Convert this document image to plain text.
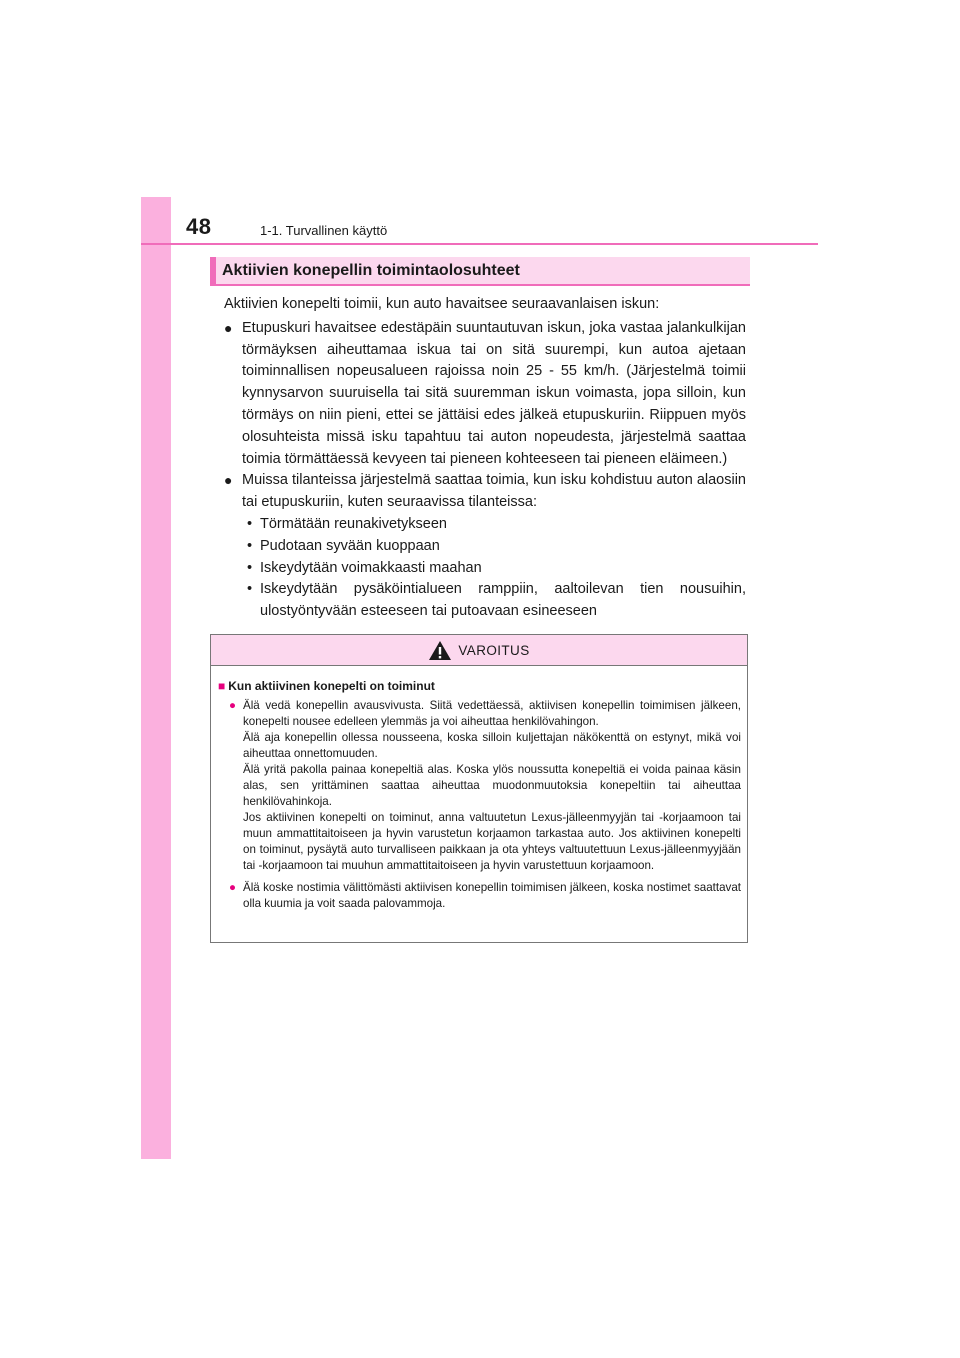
48	1-1. Turvallinen käyttö
Aktiivien konepellin toimintaolosuhteet

Aktiivien konepelti toimii, kun auto havaitsee seuraavanlaisen iskun:

● Etupuskuri havaitsee edestäpäin suuntautuvan iskun, joka vastaa jalankulkijan törmäyksen aiheuttamaa iskua tai on sitä suurempi, kun autoa ajetaan toiminnallisen nopeusalueen rajoissa noin 25 - 55 km/h. (Järjestelmä toimii kynnysarvon suuruisella tai sitä suuremman iskun voimasta, jopa silloin, kun törmäys on niin pieni, ettei se jättäisi edes jälkeä etupuskuriin. Riippuen myös olosuhteista missä isku tapahtuu tai auton nopeudesta, järjestelmä saattaa toimia törmättäessä kevyeen tai pieneen kohteeseen tai pieneen eläimeen.)
● Muissa tilanteissa järjestelmä saattaa toimia, kun isku kohdistuu auton alaosiin tai etupuskuriin, kuten seuraavissa tilanteissa:
• Törmätään reunakivetykseen
• Pudotaan syvään kuoppaan
• Iskeydytään voimakkaasti maahan
• Iskeydytään pysäköintialueen ramppiin, aaltoilevan tien nousuihin, ulostyöntyvään esteeseen tai putoavaan esineeseen
VAROITUS

■ Kun aktiivinen konepelti on toiminut

● Älä vedä konepellin avausvivusta. Siitä vedettäessä, aktiivisen konepellin toimimisen jälkeen, konepelti nousee edelleen ylemmäs ja voi aiheuttaa henkilövahingon.

Älä aja konepellin ollessa nousseena, koska silloin kuljettajan näkökenttä on estynyt, mikä voi aiheuttaa onnettomuuden.

Älä yritä pakolla painaa konepeltiä alas. Koska ylös noussutta konepeltiä ei voida painaa käsin alas, sen yrittäminen saattaa aiheuttaa muodonmuutoksia konepeltiin tai aiheuttaa henkilövahinkoja.

Jos aktiivinen konepelti on toiminut, anna valtuutetun Lexus-jälleenmyyjän tai -korjaamoon tai muun ammattitaitoiseen ja hyvin varustetun korjaamon tarkastaa auto. Jos aktiivinen konepelti on toiminut, pysäytä auto turvalliseen paikkaan ja ota yhteys valtuutettuun Lexus-jälleenmyyjään tai -korjaamoon tai muuhun ammattitaitoiseen ja hyvin varustettuun korjaamoon.

● Älä koske nostimia välittömästi aktiivisen konepellin toimimisen jälkeen, koska nostimet saattavat olla kuumia ja voit saada palovammoja.
